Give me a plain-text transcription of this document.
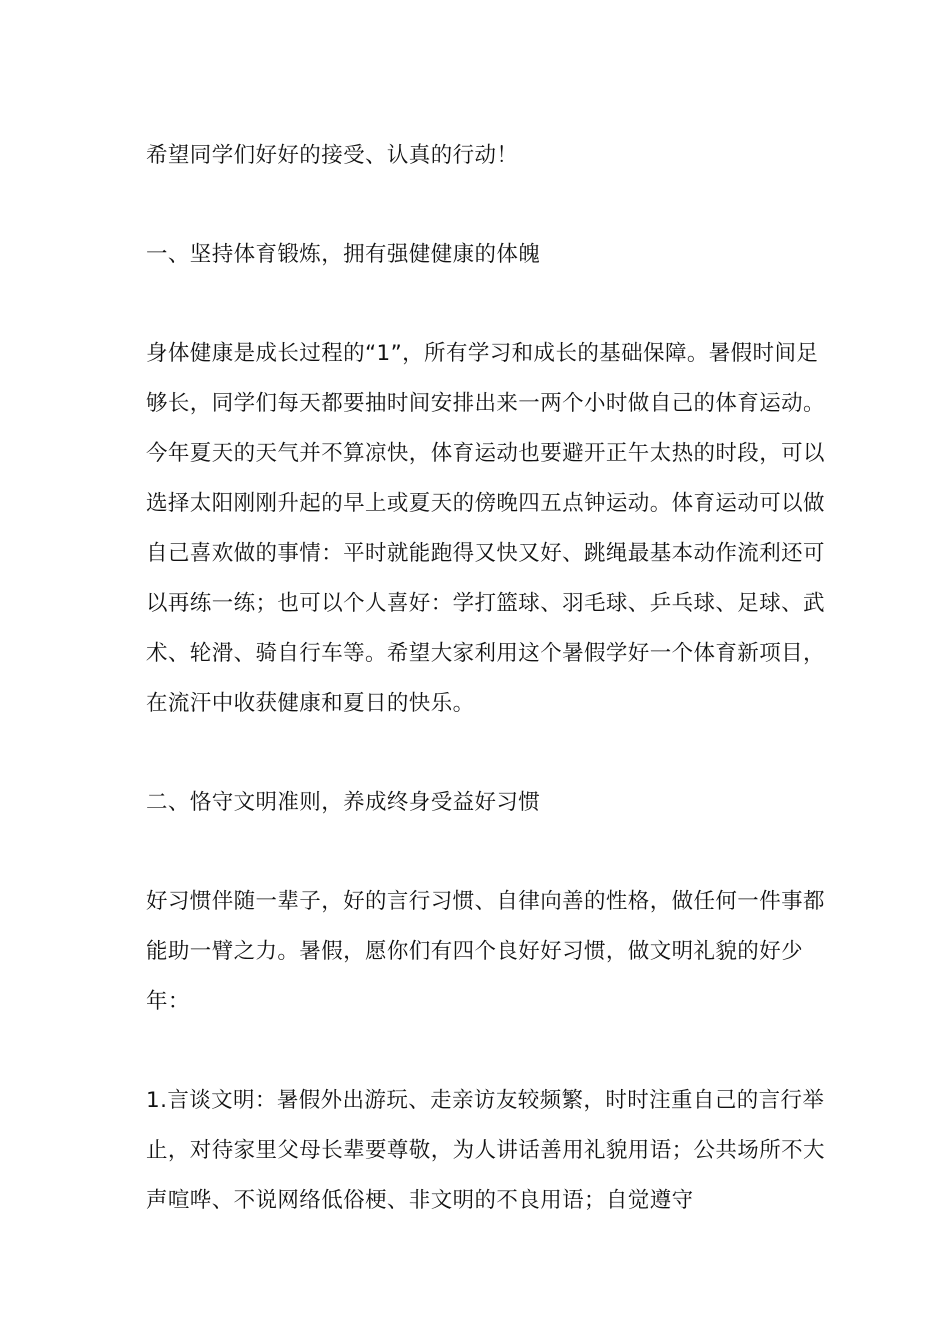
希望同学们好好的接受、认真的行动！

一、坚持体育锻炼，拥有强健健康的体魄

身体健康是成长过程的“1”，所有学习和成长的基础保障。暑假时间足够长，同学们每天都要抽时间安排出来一两个小时做自己的体育运动。今年夏天的天气并不算凉快，体育运动也要避开正午太热的时段，可以选择太阳刚刚升起的早上或夏天的傍晚四五点钟运动。体育运动可以做自己喜欢做的事情：平时就能跑得又快又好、跳绳最基本动作流利还可以再练一练；也可以个人喜好：学打篮球、羽毛球、乒乓球、足球、武术、轮滑、骑自行车等。希望大家利用这个暑假学好一个体育新项目，在流汗中收获健康和夏日的快乐。

二、恪守文明准则，养成终身受益好习惯

好习惯伴随一辈子，好的言行习惯、自律向善的性格，做任何一件事都能助一臂之力。暑假，愿你们有四个良好好习惯，做文明礼貌的好少年：

1.言谈文明：暑假外出游玩、走亲访友较频繁，时时注重自己的言行举止，对待家里父母长辈要尊敬，为人讲话善用礼貌用语；公共场所不大声喧哗、不说网络低俗梗、非文明的不良用语；自觉遵守
